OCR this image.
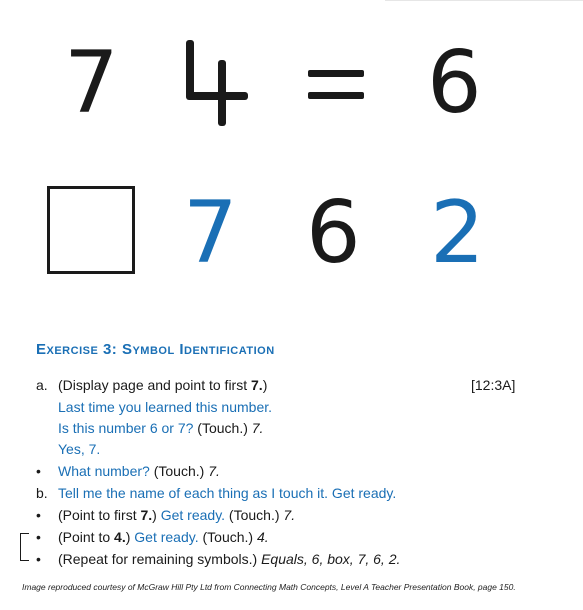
7	6
7 6 2
Exercise 3: Symbol Identification
a. (Display page and point to first 7.)	[12:3A]
Last time you learned this number.
Is this number 6 or 7? (Touch.) 7.
Yes, 7.
• What number? (Touch.) 7.
b. Tell me the name of each thing as I touch it. Get ready.
• (Point to first 7.) Get ready. (Touch.) 7.
• (Point to 4.) Get ready. (Touch.) 4.
• (Repeat for remaining symbols.) Equals, 6, box, 7, 6, 2.
Image reproduced courtesy of McGraw Hill Pty Ltd from Connecting Math Concepts, Level A Teacher Presentation Book, page 150.
